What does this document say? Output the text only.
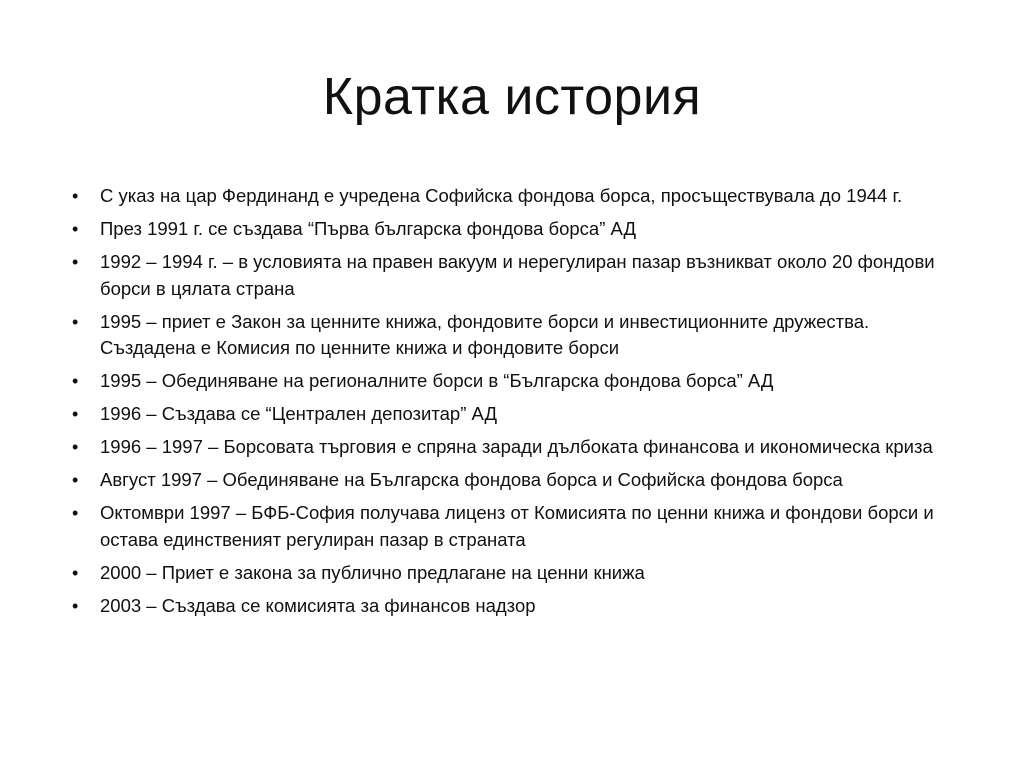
Кратка история
•	С указ на цар Фердинанд е учредена Софийска фондова борса, просъществувала до 1944 г.
•	През 1991 г. се създава “Първа българска фондова борса” АД
•	1992 – 1994 г. – в условията на правен вакуум и нерегулиран пазар възникват около 20 фондови борси в цялата страна
•	1995 – приет е Закон за ценните книжа, фондовите борси и инвестиционните дружества. Създадена е Комисия по ценните книжа и фондовите борси
•	1995 – Обединяване на регионалните борси в “Българска фондова борса” АД
•	1996 – Създава се “Централен депозитар” АД
•	1996 – 1997 – Борсовата търговия е спряна заради дълбоката финансова и икономическа криза
•	Август 1997 – Обединяване на Българска фондова борса и Софийска фондова борса
•	Октомври 1997 – БФБ-София получава лиценз от Комисията по ценни книжа и фондови борси и остава единственият регулиран пазар в страната
•	2000 – Приет е закона за публично предлагане на ценни книжа
•	2003 – Създава се комисията за финансов надзор
